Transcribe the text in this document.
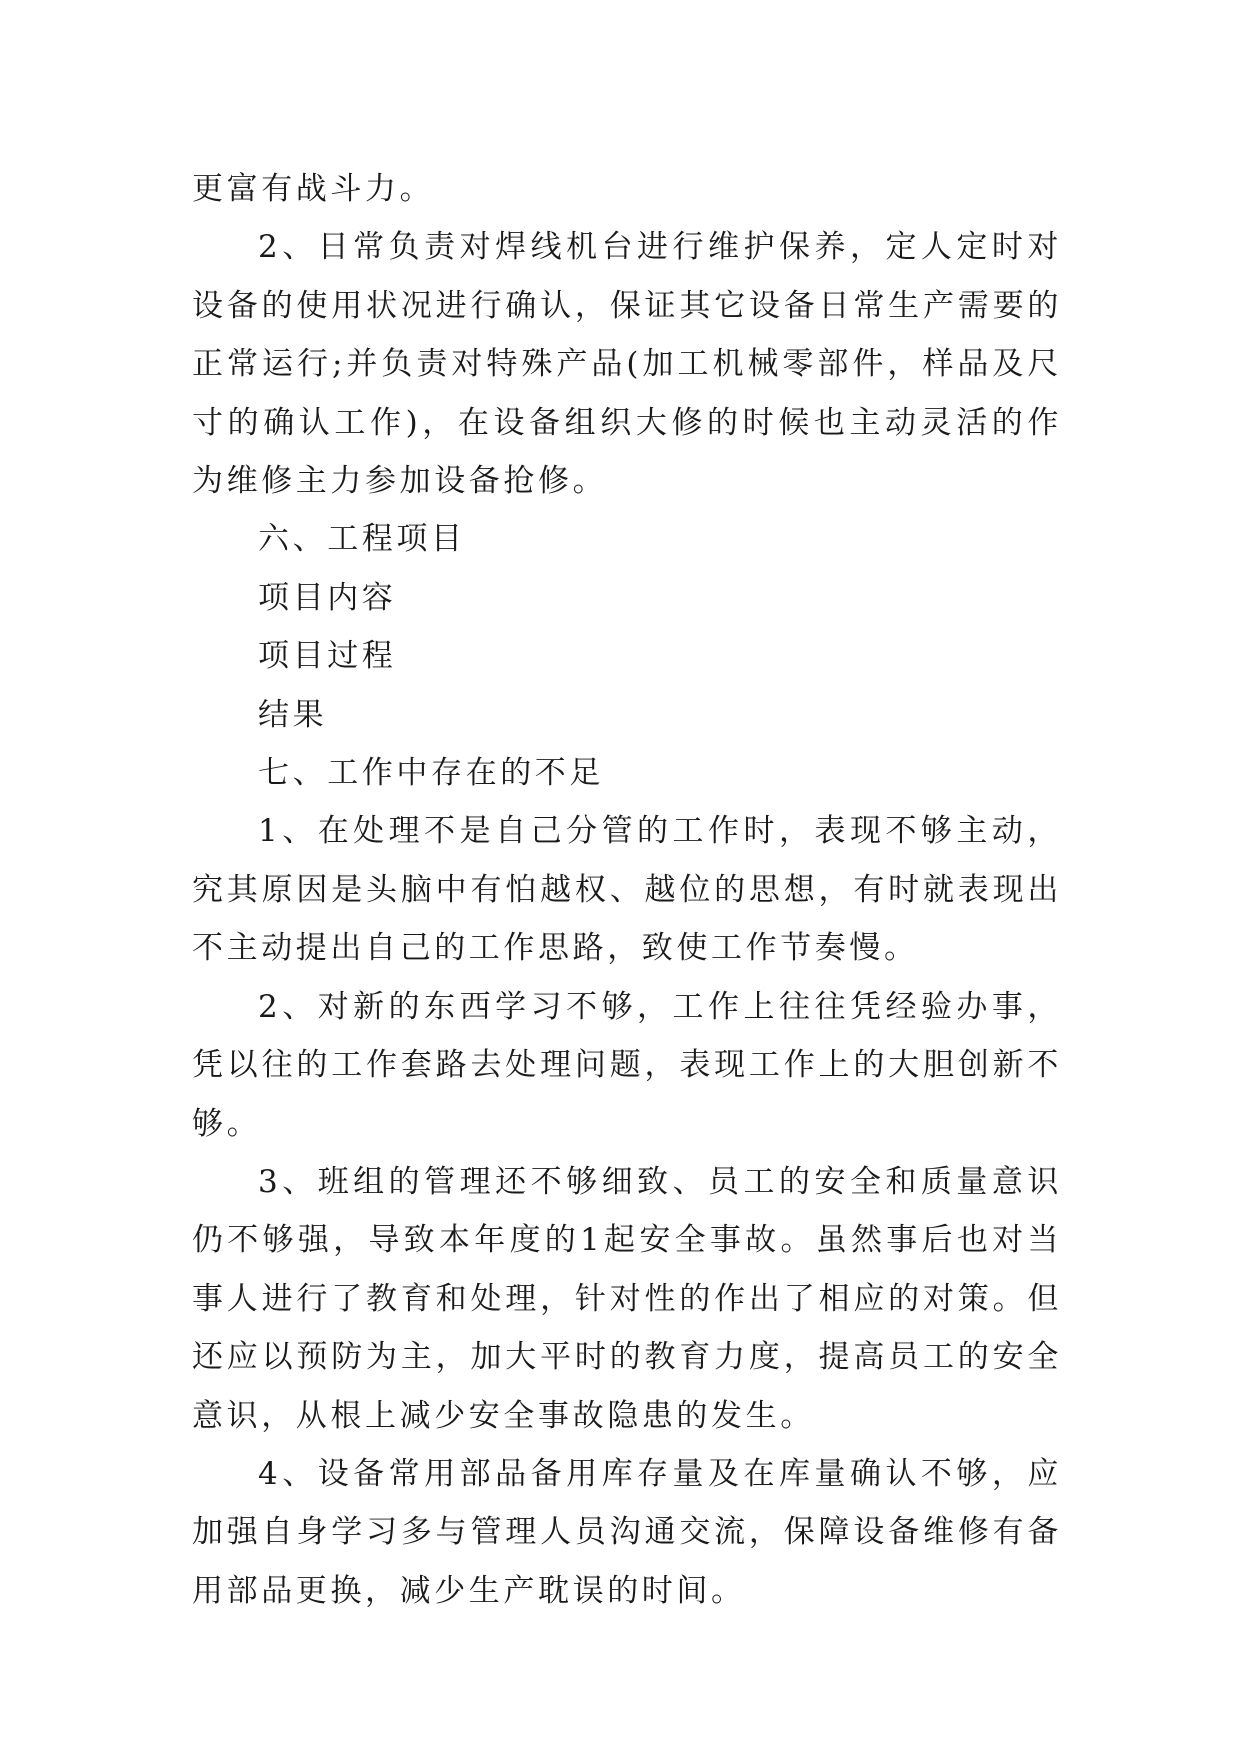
更富有战斗力。

2、日常负责对焊线机台进行维护保养，定人定时对设备的使用状况进行确认，保证其它设备日常生产需要的正常运行;并负责对特殊产品(加工机械零部件，样品及尺寸的确认工作)，在设备组织大修的时候也主动灵活的作为维修主力参加设备抢修。

六、工程项目

项目内容

项目过程

结果

七、工作中存在的不足

1、在处理不是自己分管的工作时，表现不够主动，究其原因是头脑中有怕越权、越位的思想，有时就表现出不主动提出自己的工作思路，致使工作节奏慢。

2、对新的东西学习不够，工作上往往凭经验办事，凭以往的工作套路去处理问题，表现工作上的大胆创新不够。

3、班组的管理还不够细致、员工的安全和质量意识仍不够强，导致本年度的1起安全事故。虽然事后也对当事人进行了教育和处理，针对性的作出了相应的对策。但还应以预防为主，加大平时的教育力度，提高员工的安全意识，从根上减少安全事故隐患的发生。

4、设备常用部品备用库存量及在库量确认不够，应加强自身学习多与管理人员沟通交流，保障设备维修有备用部品更换，减少生产耽误的时间。
